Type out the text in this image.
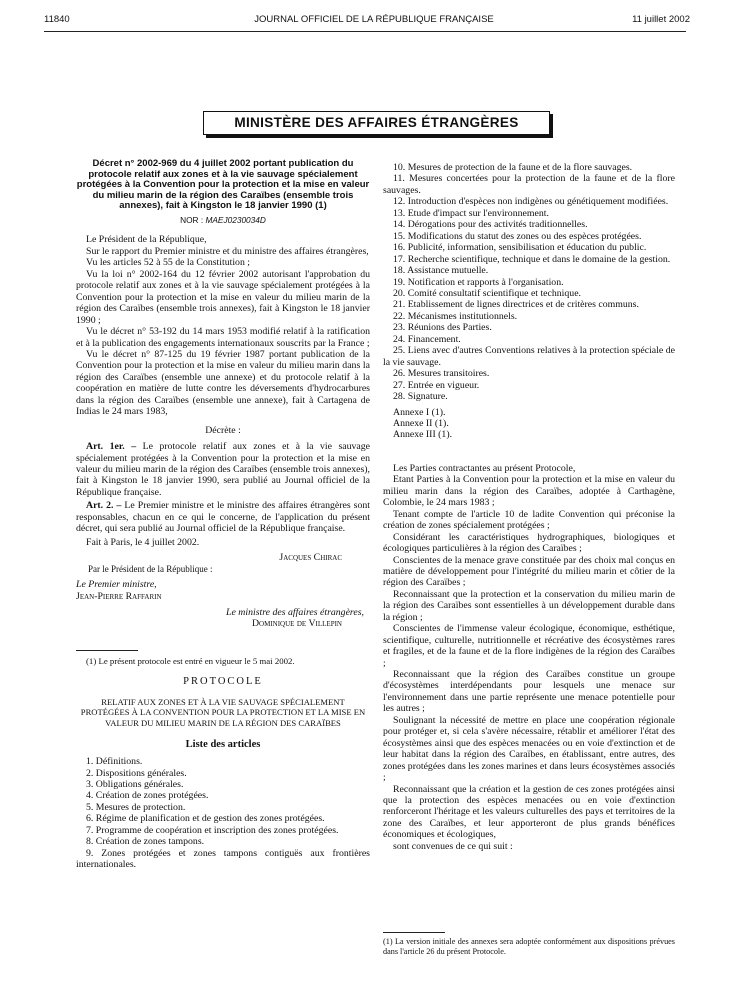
11840	JOURNAL OFFICIEL DE LA RÉPUBLIQUE FRANÇAISE	11 juillet 2002
MINISTÈRE DES AFFAIRES ÉTRANGÈRES

Décret n° 2002-969 du 4 juillet 2002 portant publication du protocole relatif aux zones et à la vie sauvage spécialement protégées à la Convention pour la protection et la mise en valeur du milieu marin de la région des Caraïbes (ensemble trois annexes), fait à Kingston le 18 janvier 1990 (1)

NOR : MAEJ0230034D

Le Président de la République,

Sur le rapport du Premier ministre et du ministre des affaires étrangères,

Vu les articles 52 à 55 de la Constitution ;

Vu la loi n° 2002-164 du 12 février 2002 autorisant l'approbation du protocole relatif aux zones et à la vie sauvage spécialement protégées à la Convention pour la protection et la mise en valeur du milieu marin de la région des Caraïbes (ensemble trois annexes), fait à Kingston le 18 janvier 1990 ;

Vu le décret n° 53-192 du 14 mars 1953 modifié relatif à la ratification et à la publication des engagements internationaux souscrits par la France ;

Vu le décret n° 87-125 du 19 février 1987 portant publication de la Convention pour la protection et la mise en valeur du milieu marin dans la région des Caraïbes (ensemble une annexe) et du protocole relatif à la coopération en matière de lutte contre les déversements d'hydrocarbures dans la région des Caraïbes (ensemble une annexe), fait à Cartagena de Indias le 24 mars 1983,

Décrète :

Art. 1er. – Le protocole relatif aux zones et à la vie sauvage spécialement protégées à la Convention pour la protection et la mise en valeur du milieu marin de la région des Caraïbes (ensemble trois annexes), fait à Kingston le 18 janvier 1990, sera publié au Journal officiel de la République française.

Art. 2. – Le Premier ministre et le ministre des affaires étrangères sont responsables, chacun en ce qui le concerne, de l'application du présent décret, qui sera publié au Journal officiel de la République française.

Fait à Paris, le 4 juillet 2002.

Jacques Chirac

Par le Président de la République :

Le Premier ministre,

Jean-Pierre Raffarin

Le ministre des affaires étrangères,

Dominique de Villepin

(1) Le présent protocole est entré en vigueur le 5 mai 2002.

PROTOCOLE

RELATIF AUX ZONES ET À LA VIE SAUVAGE SPÉCIALEMENT PROTÉGÉES À LA CONVENTION POUR LA PROTECTION ET LA MISE EN VALEUR DU MILIEU MARIN DE LA RÉGION DES CARAÏBES

Liste des articles

1. Définitions.

2. Dispositions générales.

3. Obligations générales.

4. Création de zones protégées.

5. Mesures de protection.

6. Régime de planification et de gestion des zones protégées.

7. Programme de coopération et inscription des zones protégées.

8. Création de zones tampons.

9. Zones protégées et zones tampons contiguës aux frontières internationales.

10. Mesures de protection de la faune et de la flore sauvages.

11. Mesures concertées pour la protection de la faune et de la flore sauvages.

12. Introduction d'espèces non indigènes ou génétiquement modifiées.

13. Etude d'impact sur l'environnement.

14. Dérogations pour des activités traditionnelles.

15. Modifications du statut des zones ou des espèces protégées.

16. Publicité, information, sensibilisation et éducation du public.

17. Recherche scientifique, technique et dans le domaine de la gestion.

18. Assistance mutuelle.

19. Notification et rapports à l'organisation.

20. Comité consultatif scientifique et technique.

21. Etablissement de lignes directrices et de critères communs.

22. Mécanismes institutionnels.

23. Réunions des Parties.

24. Financement.

25. Liens avec d'autres Conventions relatives à la protection spéciale de la vie sauvage.

26. Mesures transitoires.

27. Entrée en vigueur.

28. Signature.

Annexe I (1).

Annexe II (1).

Annexe III (1).

Les Parties contractantes au présent Protocole,

Etant Parties à la Convention pour la protection et la mise en valeur du milieu marin dans la région des Caraïbes, adoptée à Carthagène, Colombie, le 24 mars 1983 ;

Tenant compte de l'article 10 de ladite Convention qui préconise la création de zones spécialement protégées ;

Considérant les caractéristiques hydrographiques, biologiques et écologiques particulières à la région des Caraïbes ;

Conscientes de la menace grave constituée par des choix mal conçus en matière de développement pour l'intégrité du milieu marin et côtier de la région des Caraïbes ;

Reconnaissant que la protection et la conservation du milieu marin de la région des Caraïbes sont essentielles à un développement durable dans la région ;

Conscientes de l'immense valeur écologique, économique, esthétique, scientifique, culturelle, nutritionnelle et récréative des écosystèmes rares et fragiles, et de la faune et de la flore indigènes de la région des Caraïbes ;

Reconnaissant que la région des Caraïbes constitue un groupe d'écosystèmes interdépendants pour lesquels une menace sur l'environnement dans une partie représente une menace potentielle pour les autres ;

Soulignant la nécessité de mettre en place une coopération régionale pour protéger et, si cela s'avère nécessaire, rétablir et améliorer l'état des écosystèmes ainsi que des espèces menacées ou en voie d'extinction et de leur habitat dans la région des Caraïbes, en établissant, entre autres, des zones protégées dans les zones marines et dans leurs écosystèmes associés ;

Reconnaissant que la création et la gestion de ces zones protégées ainsi que la protection des espèces menacées ou en voie d'extinction renforceront l'héritage et les valeurs culturelles des pays et territoires de la zone des Caraïbes, et leur apporteront de plus grands bénéfices économiques et écologiques,

sont convenues de ce qui suit :

(1) La version initiale des annexes sera adoptée conformément aux dispositions prévues dans l'article 26 du présent Protocole.
